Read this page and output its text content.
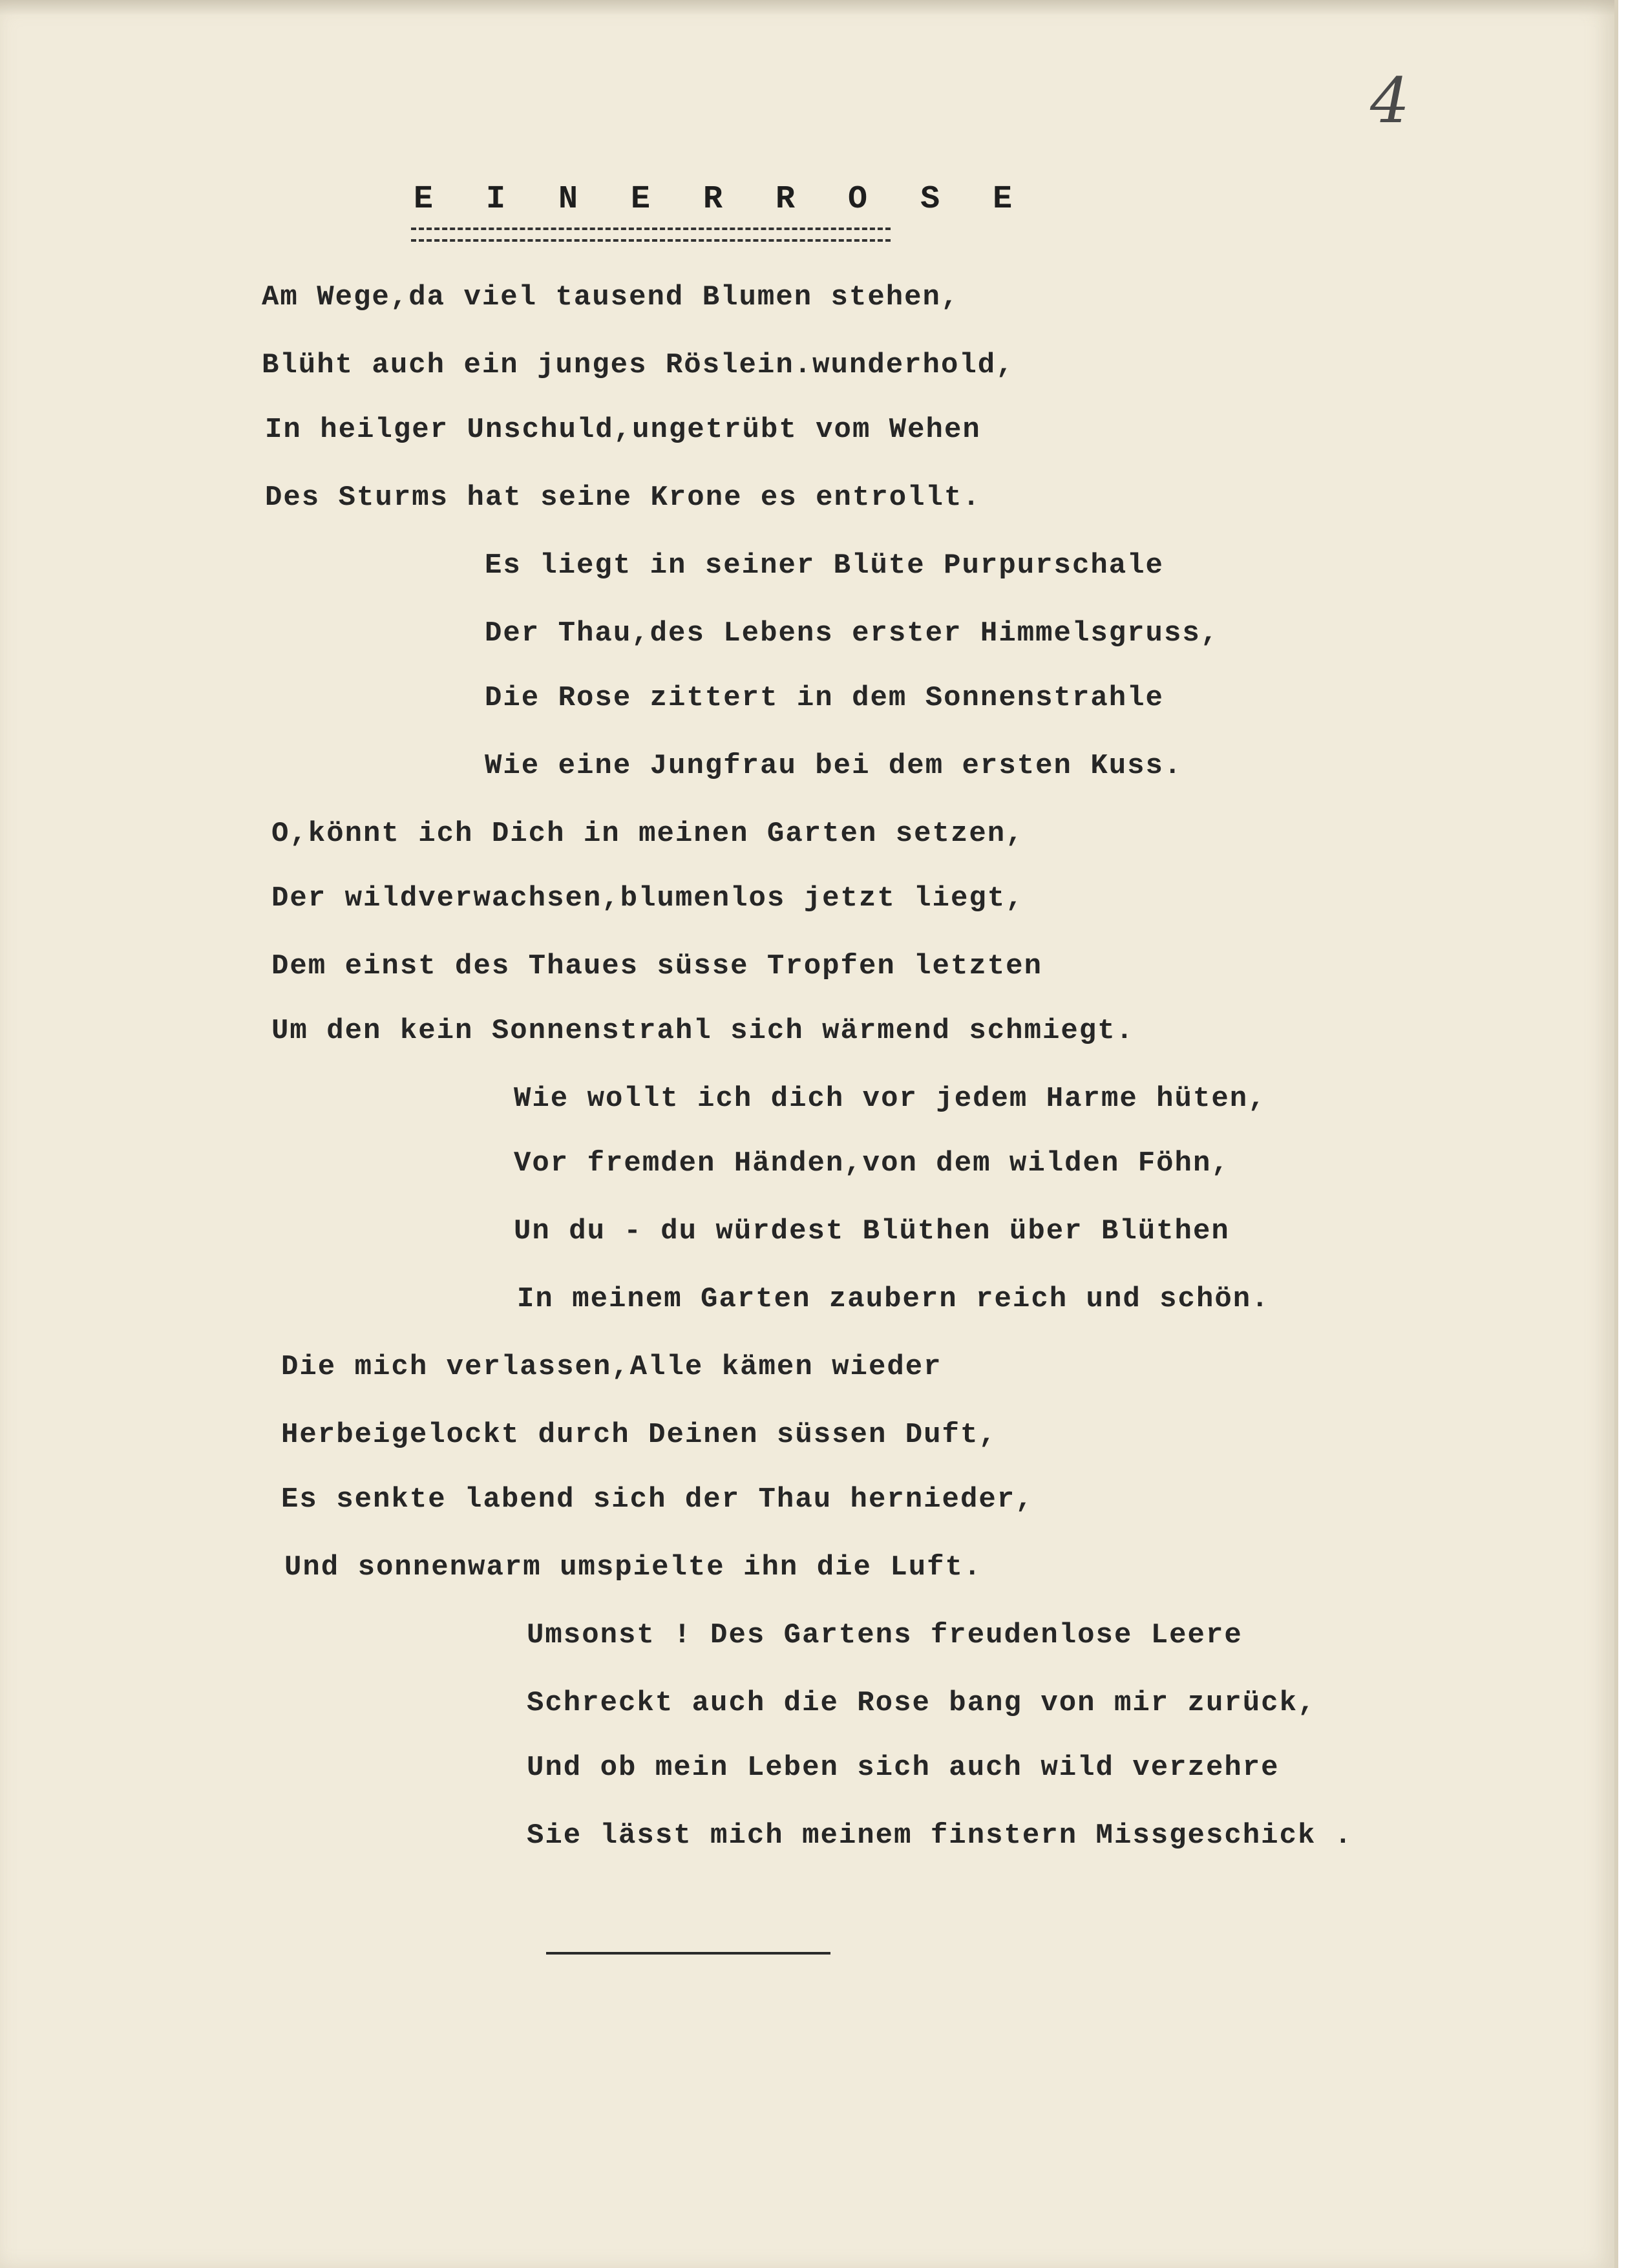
4
E I N E R R O S E
Am Wege,da viel tausend Blumen stehen,
Blüht auch ein junges Röslein.wunderhold,
In heilger Unschuld,ungetrübt vom Wehen
Des Sturms hat seine Krone es entrollt.
Es liegt in seiner Blüte Purpurschale
Der Thau,des Lebens erster Himmelsgruss,
Die Rose zittert in dem Sonnenstrahle
Wie eine Jungfrau bei dem ersten Kuss.
O,könnt ich Dich in meinen Garten setzen,
Der wildverwachsen,blumenlos jetzt liegt,
Dem einst des Thaues süsse Tropfen letzten
Um den kein Sonnenstrahl sich wärmend schmiegt.
Wie wollt ich dich vor jedem Harme hüten,
Vor fremden Händen,von dem wilden Föhn,
Un du - du würdest Blüthen über Blüthen
In meinem Garten zaubern reich und schön.
Die mich verlassen,Alle kämen wieder
Herbeigelockt durch Deinen süssen Duft,
Es senkte labend sich der Thau hernieder,
Und sonnenwarm umspielte ihn die Luft.
Umsonst ! Des Gartens freudenlose Leere
Schreckt auch die Rose bang von mir zurück,
Und ob mein Leben sich auch wild verzehre
Sie lässt mich meinem finstern Missgeschick .
